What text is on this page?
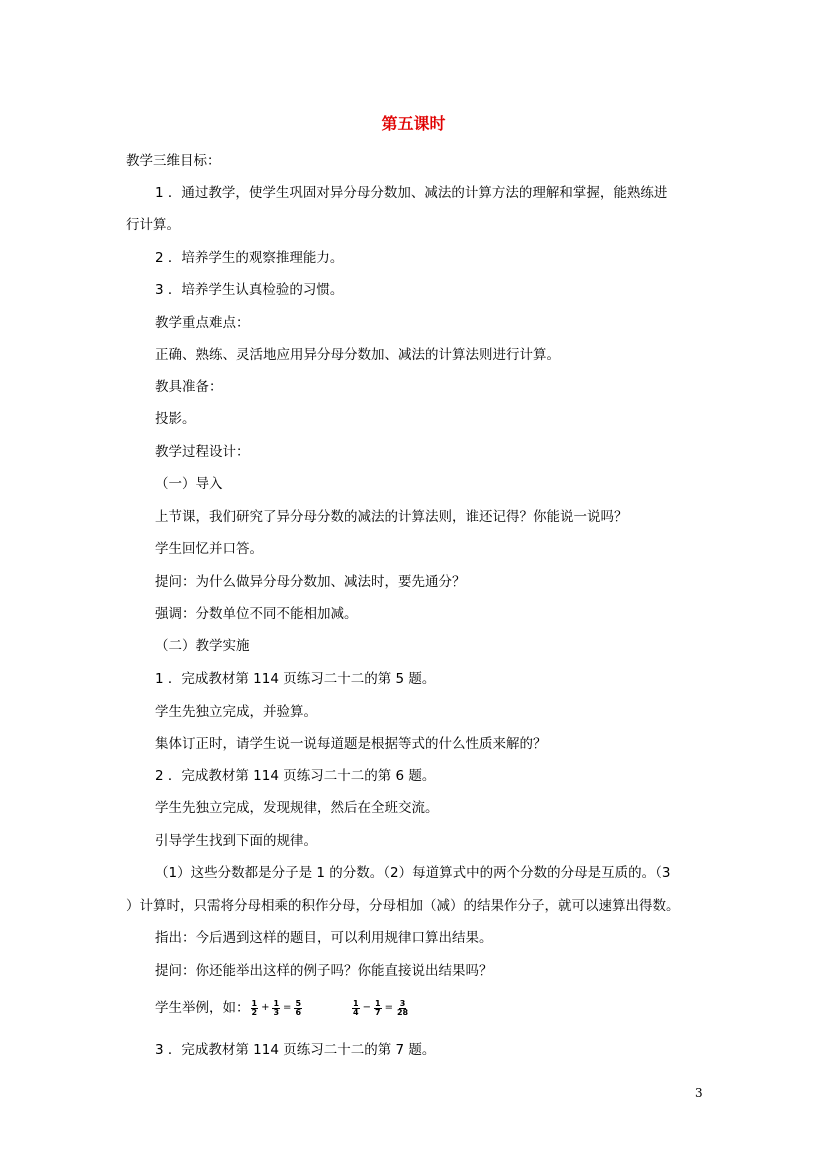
第五课时
教学三维目标：
1 ．通过教学，使学生巩固对异分母分数加、减法的计算方法的理解和掌握，能熟练进
行计算。
2 ．培养学生的观察推理能力。
3 ．培养学生认真检验的习惯。
教学重点难点：
正确、熟练、灵活地应用异分母分数加、减法的计算法则进行计算。
教具准备：
投影。
教学过程设计：
（一）导入
上节课，我们研究了异分母分数的减法的计算法则，谁还记得？你能说一说吗？
学生回忆并口答。
提问：为什么做异分母分数加、减法时，要先通分？
强调：分数单位不同不能相加减。
（二）教学实施
1 ．完成教材第 114 页练习二十二的第 5 题。
学生先独立完成，并验算。
集体订正时，请学生说一说每道题是根据等式的什么性质来解的？
2 ．完成教材第 114 页练习二十二的第 6 题。
学生先独立完成，发现规律，然后在全班交流。
引导学生找到下面的规律。
（1）这些分数都是分子是 1 的分数。（2）每道算式中的两个分数的分母是互质的。（3
）计算时，只需将分母相乘的积作分母，分母相加（减）的结果作分子，就可以速算出得数。
指出：今后遇到这样的题目，可以利用规律口算出结果。
提问：你还能举出这样的例子吗？你能直接说出结果吗？
学生举例，如： $\frac{1}{2} + \frac{1}{3} = \frac{5}{6}$	$\frac{1}{4} - \frac{1}{7} = \frac{3}{28}$
3 ．完成教材第 114 页练习二十二的第 7 题。
3
